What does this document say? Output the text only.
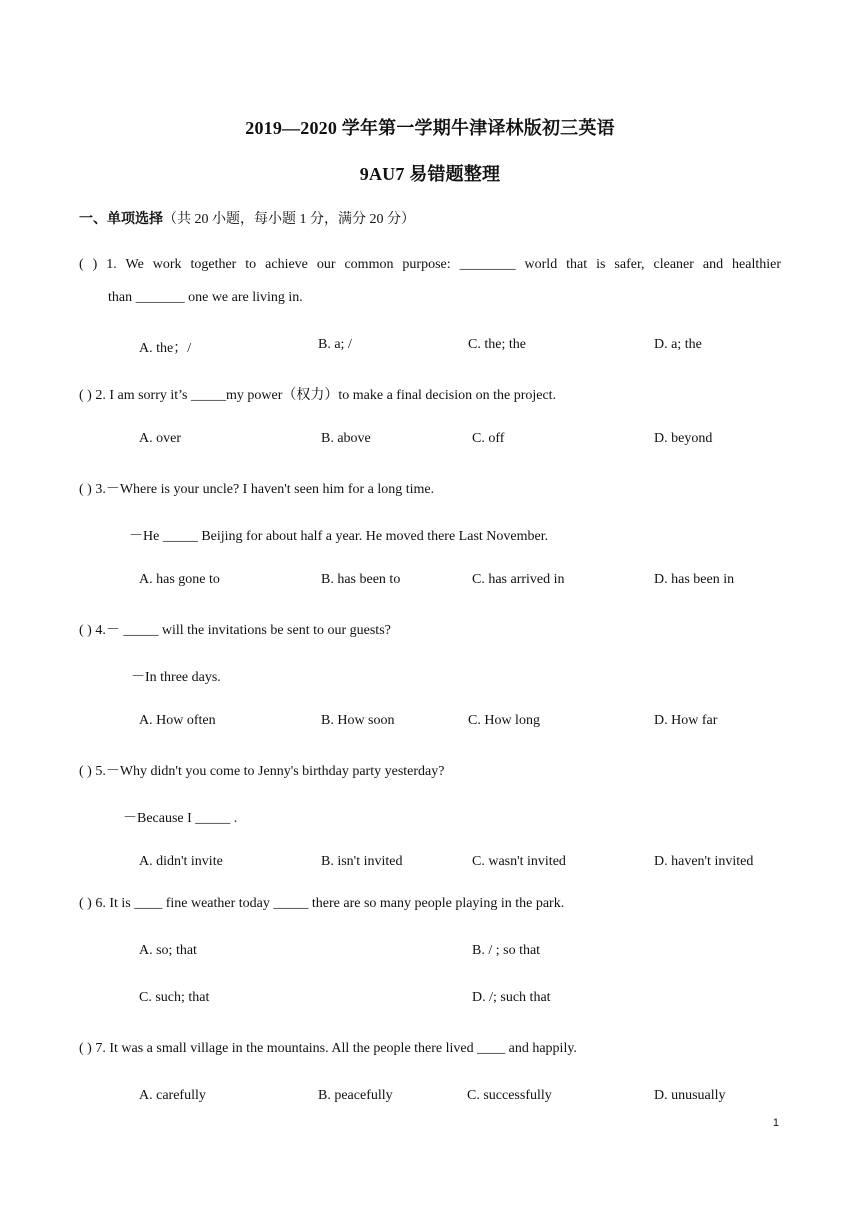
2019—2020 学年第一学期牛津译林版初三英语
9AU7 易错题整理
一、单项选择（共 20 小题，每小题 1 分，满分 20 分）
( ) 1. We work together to achieve our common purpose: ________ world that is safer, cleaner and healthier
than _______ one we are living in.
A. the；/	B. a; /	C. the; the	D. a; the
( ) 2. I am sorry it’s _____my power（权力）to make a final decision on the project.
A. over	B. above	C. off	D. beyond
( ) 3.－Where is your uncle? I haven't seen him for a long time.
－He _____ Beijing for about half a year. He moved there Last November.
A. has gone to	B. has been to	C. has arrived in	D. has been in
( ) 4.－ _____ will the invitations be sent to our guests?
－In three days.
A. How often	B. How soon	C. How long	D. How far
( ) 5.－Why didn't you come to Jenny's birthday party yesterday?
－Because I _____ .
A. didn't invite	B. isn't invited	C. wasn't invited	D. haven't invited
( ) 6. It is ____ fine weather today _____ there are so many people playing in the park.
A. so; that	B. / ; so that
C. such; that	D. /; such that
( ) 7. It was a small village in the mountains. All the people there lived ____ and happily.
A. carefully	B. peacefully	C. successfully	D. unusually
1
